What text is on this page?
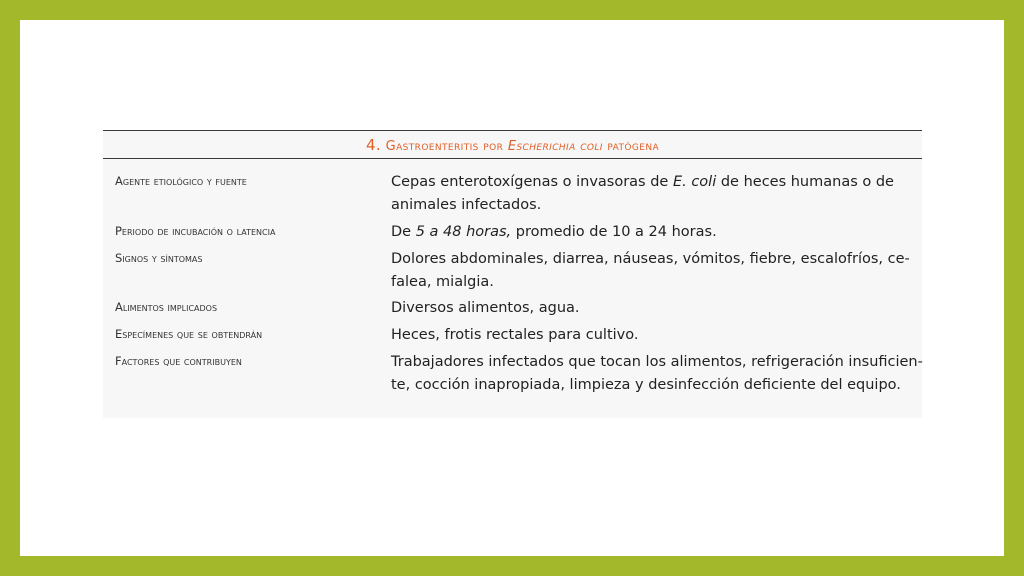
4. Gastroenteritis por Escherichia coli patógena
Agente etiológico y fuente	Cepas enterotoxígenas o invasoras de E. coli de heces humanas o de
animales infectados.
Periodo de incubación o latencia	De 5 a 48 horas, promedio de 10 a 24 horas.
Signos y síntomas	Dolores abdominales, diarrea, náuseas, vómitos, fiebre, escalofríos, ce-
falea, mialgia.
Alimentos implicados	Diversos alimentos, agua.
Especímenes que se obtendrán	Heces, frotis rectales para cultivo.
Factores que contribuyen	Trabajadores infectados que tocan los alimentos, refrigeración insuficien-
te, cocción inapropiada, limpieza y desinfección deficiente del equipo.
